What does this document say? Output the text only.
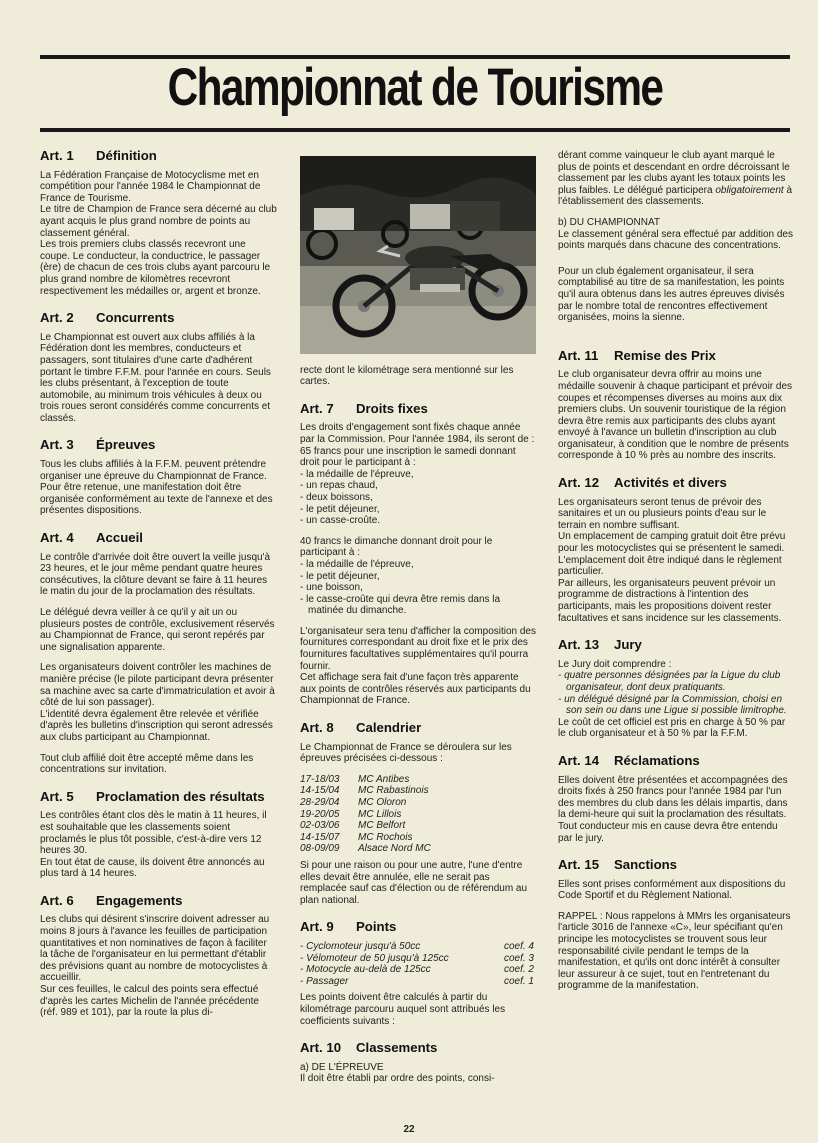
Championnat de Tourisme
Art. 1 Définition

La Fédération Française de Motocyclisme met en compétition pour l'année 1984 le Championnat de France de Tourisme.

Le titre de Champion de France sera décerné au club ayant acquis le plus grand nombre de points au classement général.

Les trois premiers clubs classés recevront une coupe. Le conducteur, la conductrice, le passager (ère) de chacun de ces trois clubs ayant parcouru le plus grand nombre de kilomètres recevront respectivement les médailles or, argent et bronze.

Art. 2 Concurrents

Le Championnat est ouvert aux clubs affiliés à la Fédération dont les membres, conducteurs et passagers, sont titulaires d'une carte d'adhérent portant le timbre F.F.M. pour l'année en cours. Seuls les clubs présentant, à l'exception de toute automobile, au minimum trois véhicules à deux ou trois roues seront considérés comme concurrents et classés.

Art. 3 Épreuves

Tous les clubs affiliés à la F.F.M. peuvent prétendre organiser une épreuve du Championnat de France.

Pour être retenue, une manifestation doit être organisée conformément au texte de l'annexe et des présentes dispositions.

Art. 4 Accueil

Le contrôle d'arrivée doit être ouvert la veille jusqu'à 23 heures, et le jour même pendant quatre heures consécutives, la clôture devant se faire à 11 heures le matin du jour de la proclamation des résultats.

Le délégué devra veiller à ce qu'il y ait un ou plusieurs postes de contrôle, exclusivement réservés au Championnat de France, qui seront repérés par une signalisation apparente.

Les organisateurs doivent contrôler les machines de manière précise (le pilote participant devra présenter sa machine avec sa carte d'immatriculation et avoir à côté de lui son passager).

L'identité devra également être relevée et vérifiée d'après les bulletins d'inscription qui seront adressés aux clubs participant au Championnat.

Tout club affilié doit être accepté même dans les concentrations sur invitation.

Art. 5 Proclamation des résultats

Les contrôles étant clos dès le matin à 11 heures, il est souhaitable que les classements soient proclamés le plus tôt possible, c'est-à-dire vers 12 heures 30.

En tout état de cause, ils doivent être annoncés au plus tard à 14 heures.

Art. 6 Engagements

Les clubs qui désirent s'inscrire doivent adresser au moins 8 jours à l'avance les feuilles de participation quantitatives et non nominatives de façon à faciliter la tâche de l'organisateur en lui permettant d'établir des prévisions quant au nombre de motocyclistes à accueillir.

Sur ces feuilles, le calcul des points sera effectué d'après les cartes Michelin de l'année précédente (réf. 989 et 101), par la route la plus di-

recte dont le kilométrage sera mentionné sur les cartes.
Art. 7 Droits fixes

Les droits d'engagement sont fixés chaque année par la Commission. Pour l'année 1984, ils seront de :

65 francs pour une inscription le samedi donnant droit pour le participant à :

- la médaille de l'épreuve,

- un repas chaud,

- deux boissons,

- le petit déjeuner,

- un casse-croûte.

40 francs le dimanche donnant droit pour le participant à :

- la médaille de l'épreuve,

- le petit déjeuner,

- une boisson,

- le casse-croûte qui devra être remis dans la matinée du dimanche.

L'organisateur sera tenu d'afficher la composition des fournitures correspondant au droit fixe et le prix des fournitures facultatives supplémentaires qu'il pourra fournir.

Cet affichage sera fait d'une façon très apparente aux points de contrôles réservés aux participants du Championnat de France.

Art. 8 Calendrier

Le Championnat de France se déroulera sur les épreuves précisées ci-dessous :

17-18/03	MC Antibes
14-15/04	MC Rabastinois
28-29/04	MC Oloron
19-20/05	MC Lillois
02-03/06	MC Belfort
14-15/07	MC Rochois
08-09/09	Alsace Nord MC

Si pour une raison ou pour une autre, l'une d'entre elles devait être annulée, elle ne serait pas remplacée sauf cas d'élection ou de référendum au plan national.

Art. 9 Points
- Cyclomoteur jusqu'à 50cc	coef. 4
- Vélomoteur de 50 jusqu'à 125cc	coef. 3
- Motocycle au-delà de 125cc	coef. 2
- Passager	coef. 1

Les points doivent être calculés à partir du kilométrage parcouru auquel sont attribués les coefficients suivants :

Art. 10 Classements

a) DE L'ÉPREUVE

Il doit être établi par ordre des points, consi-

dérant comme vainqueur le club ayant marqué le plus de points et descendant en ordre décroissant le classement par les clubs ayant les totaux points les plus faibles. Le délégué participera obligatoirement à l'établissement des classements.

b) DU CHAMPIONNAT

Le classement général sera effectué par addition des points marqués dans chacune des concentrations.

Pour un club également organisateur, il sera comptabilisé au titre de sa manifestation, les points qu'il aura obtenus dans les autres épreuves divisés par le nombre total de rencontres effectivement organisées, moins la sienne.

Art. 11 Remise des Prix

Le club organisateur devra offrir au moins une médaille souvenir à chaque participant et prévoir des coupes et récompenses diverses au moins aux dix premiers clubs. Un souvenir touristique de la région devra être remis aux participants des clubs ayant envoyé à l'avance un bulletin d'inscription au club organisateur, à condition que le nombre de présents corresponde à 10 % près au nombre des inscrits.

Art. 12 Activités et divers

Les organisateurs seront tenus de prévoir des sanitaires et un ou plusieurs points d'eau sur le terrain en nombre suffisant.

Un emplacement de camping gratuit doit être prévu pour les motocyclistes qui se présentent le samedi. L'emplacement doit être indiqué dans le règlement particulier.

Par ailleurs, les organisateurs peuvent prévoir un programme de distractions à l'intention des participants, mais les propositions doivent rester facultatives et sans incidence sur les classements.

Art. 13 Jury

Le Jury doit comprendre :

- quatre personnes désignées par la Ligue du club organisateur, dont deux pratiquants.

- un délégué désigné par la Commission, choisi en son sein ou dans une Ligue si possible limitrophe.

Le coût de cet officiel est pris en charge à 50 % par le club organisateur et à 50 % par la F.F.M.

Art. 14 Réclamations

Elles doivent être présentées et accompagnées des droits fixés à 250 francs pour l'année 1984 par l'un des membres du club dans les délais impartis, dans la demi-heure qui suit la proclamation des résultats.

Tout conducteur mis en cause devra être entendu par le jury.

Art. 15 Sanctions

Elles sont prises conformément aux dispositions du Code Sportif et du Règlement National.

RAPPEL : Nous rappelons à MMrs les organisateurs l'article 3016 de l'annexe «C», leur spécifiant qu'en principe les motocyclistes se trouvent sous leur responsabilité civile pendant le temps de la manifestation, et qu'ils ont donc intérêt à consulter leur assureur à ce sujet, tout en l'entretenant du programme de la manifestation.

22
